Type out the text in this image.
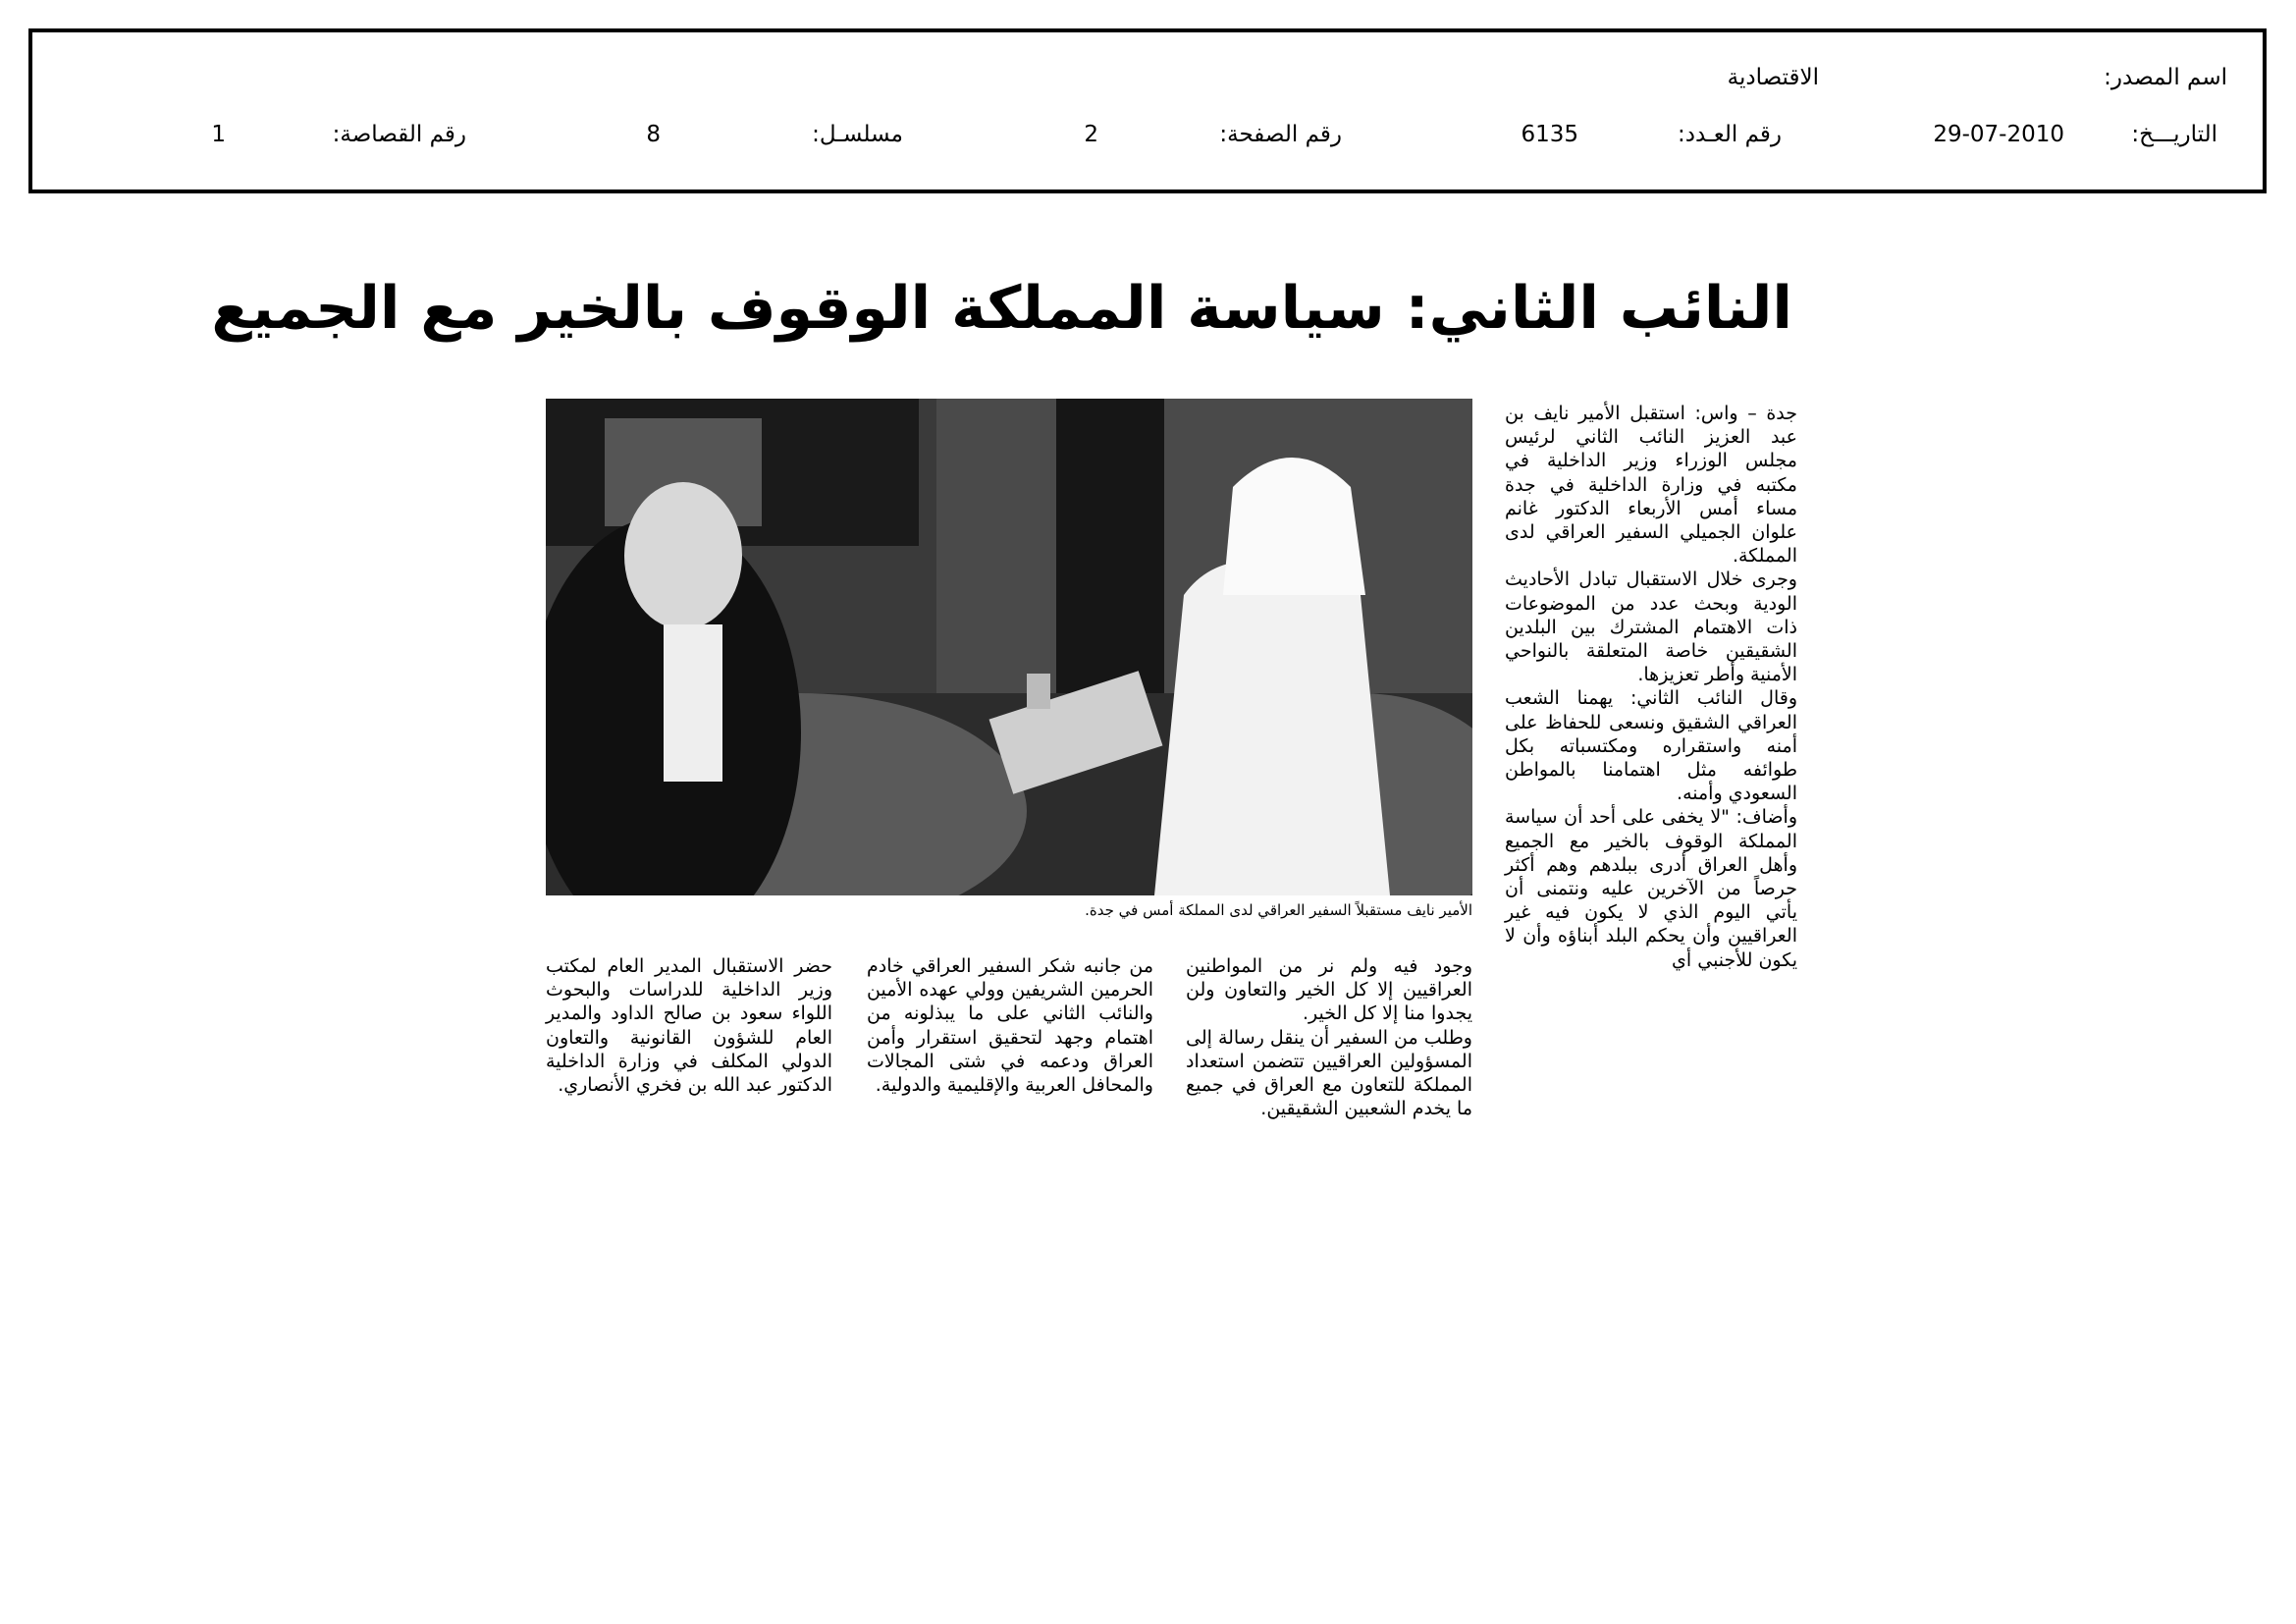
اسم المصدر:
الاقتصادية
التاريـــخ:
29-07-2010
رقم العـدد:
6135
رقم الصفحة:
2
مسلسـل:
8
رقم القصاصة:
1
النائب الثاني: سياسة المملكة الوقوف بالخير مع الجميع
الأمير نايف مستقبلاً السفير العراقي لدى المملكة أمس في جدة.

جدة – واس: استقبل الأمير نايف بن عبد العزيز النائب الثاني لرئيس مجلس الوزراء وزير الداخلية في مكتبه في وزارة الداخلية في جدة مساء أمس الأربعاء الدكتور غانم علوان الجميلي السفير العراقي لدى المملكة.

وجرى خلال الاستقبال تبادل الأحاديث الودية وبحث عدد من الموضوعات ذات الاهتمام المشترك بين البلدين الشقيقين خاصة المتعلقة بالنواحي الأمنية وأطر تعزيزها.

وقال النائب الثاني: يهمنا الشعب العراقي الشقيق ونسعى للحفاظ على أمنه واستقراره ومكتسباته بكل طوائفه مثل اهتمامنا بالمواطن السعودي وأمنه.

وأضاف: "لا يخفى على أحد أن سياسة المملكة الوقوف بالخير مع الجميع وأهل العراق أدرى ببلدهم وهم أكثر حرصاً من الآخرين عليه ونتمنى أن يأتي اليوم الذي لا يكون فيه غير العراقيين وأن يحكم البلد أبناؤه وأن لا يكون للأجنبي أي

وجود فيه ولم نر من المواطنين العراقيين إلا كل الخير والتعاون ولن يجدوا منا إلا كل الخير.

وطلب من السفير أن ينقل رسالة إلى المسؤولين العراقيين تتضمن استعداد المملكة للتعاون مع العراق في جميع ما يخدم الشعبين الشقيقين.

من جانبه شكر السفير العراقي خادم الحرمين الشريفين وولي عهده الأمين والنائب الثاني على ما يبذلونه من اهتمام وجهد لتحقيق استقرار وأمن العراق ودعمه في شتى المجالات والمحافل العربية والإقليمية والدولية.

حضر الاستقبال المدير العام لمكتب وزير الداخلية للدراسات والبحوث اللواء سعود بن صالح الداود والمدير العام للشؤون القانونية والتعاون الدولي المكلف في وزارة الداخلية الدكتور عبد الله بن فخري الأنصاري.
